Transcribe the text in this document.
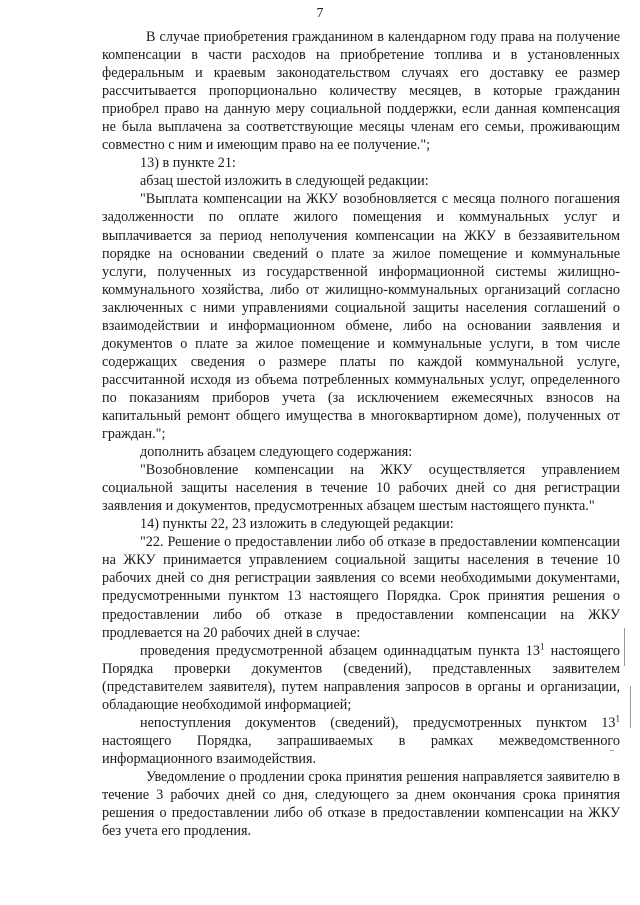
7

В случае приобретения гражданином в календарном году права на получение компенсации в части расходов на приобретение топлива и в установленных федеральным и краевым законодательством случаях его доставку ее размер рассчитывается пропорционально количеству месяцев, в которые гражданин приобрел право на данную меру социальной поддержки, если данная компенсация не была выплачена за соответствующие месяцы членам его семьи, проживающим совместно с ним и имеющим право на ее получение.";

13) в пункте 21:

абзац шестой изложить в следующей редакции:

"Выплата компенсации на ЖКУ возобновляется с месяца полного погашения задолженности по оплате жилого помещения и коммунальных услуг и выплачивается за период неполучения компенсации на ЖКУ в беззаявительном порядке на основании сведений о плате за жилое помещение и коммунальные услуги, полученных из государственной информационной системы жилищно-коммунального хозяйства, либо от жилищно-коммунальных организаций согласно заключенных с ними управлениями социальной защиты населения соглашений о взаимодействии и информационном обмене, либо на основании заявления и документов о плате за жилое помещение и коммунальные услуги, в том числе содержащих сведения о размере платы по каждой коммунальной услуге, рассчитанной исходя из объема потребленных коммунальных услуг, определенного по показаниям приборов учета (за исключением ежемесячных взносов на капитальный ремонт общего имущества в многоквартирном доме), полученных от граждан.";

дополнить абзацем следующего содержания:

"Возобновление компенсации на ЖКУ осуществляется управлением социальной защиты населения в течение 10 рабочих дней со дня регистрации заявления и документов, предусмотренных абзацем шестым настоящего пункта."

14) пункты 22, 23 изложить в следующей редакции:

"22. Решение о предоставлении либо об отказе в предоставлении компенсации на ЖКУ принимается управлением социальной защиты населения в течение 10 рабочих дней со дня регистрации заявления со всеми необходимыми документами, предусмотренными пунктом 13 настоящего Порядка. Срок принятия решения о предоставлении либо об отказе в предоставлении компенсации на ЖКУ продлевается на 20 рабочих дней в случае:

проведения предусмотренной абзацем одиннадцатым пункта $13^1$ настоящего Порядка проверки документов (сведений), представленных заявителем (представителем заявителя), путем направления запросов в органы и организации, обладающие необходимой информацией;

непоступления документов (сведений), предусмотренных пунктом $13^1$ настоящего Порядка, запрашиваемых в рамках межведомственного информационного взаимодействия.

Уведомление о продлении срока принятия решения направляется заявителю в течение 3 рабочих дней со дня, следующего за днем окончания срока принятия решения о предоставлении либо об отказе в предоставлении компенсации на ЖКУ без учета его продления.
